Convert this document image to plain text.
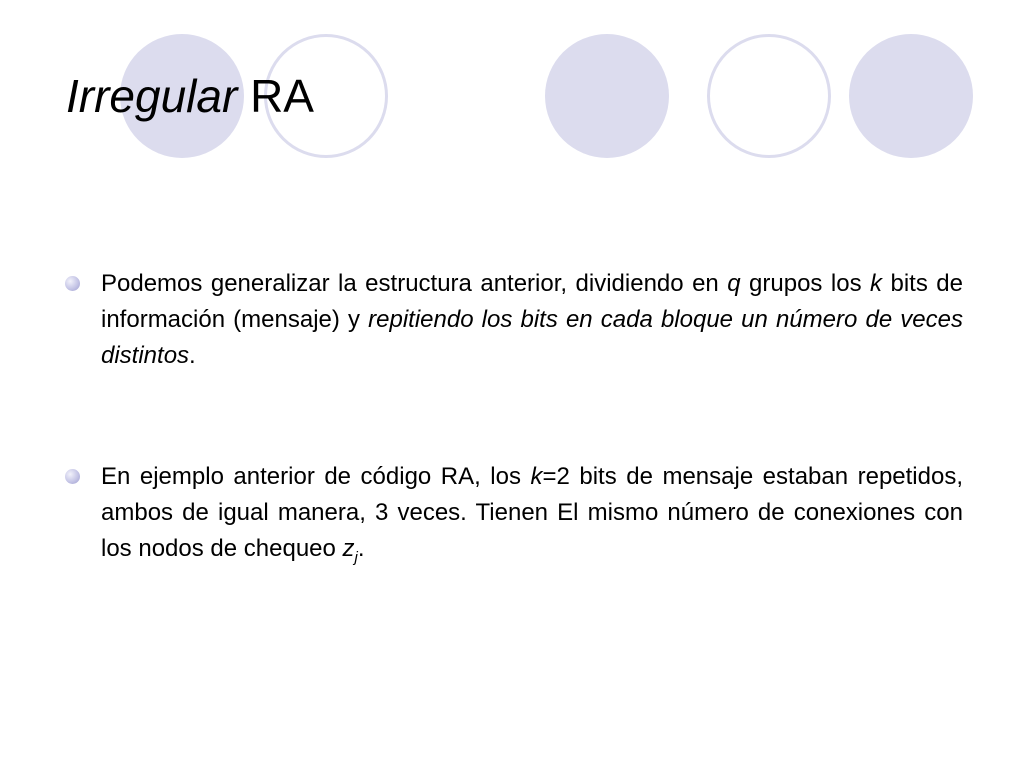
Irregular RA
Podemos generalizar la estructura anterior, dividiendo en q grupos los k bits de información (mensaje) y repitiendo los bits en cada bloque un número de veces distintos.
En ejemplo anterior de código RA, los k=2 bits de mensaje estaban repetidos, ambos de igual manera, 3 veces. Tienen El mismo número de conexiones con los nodos de chequeo $z_j$.
